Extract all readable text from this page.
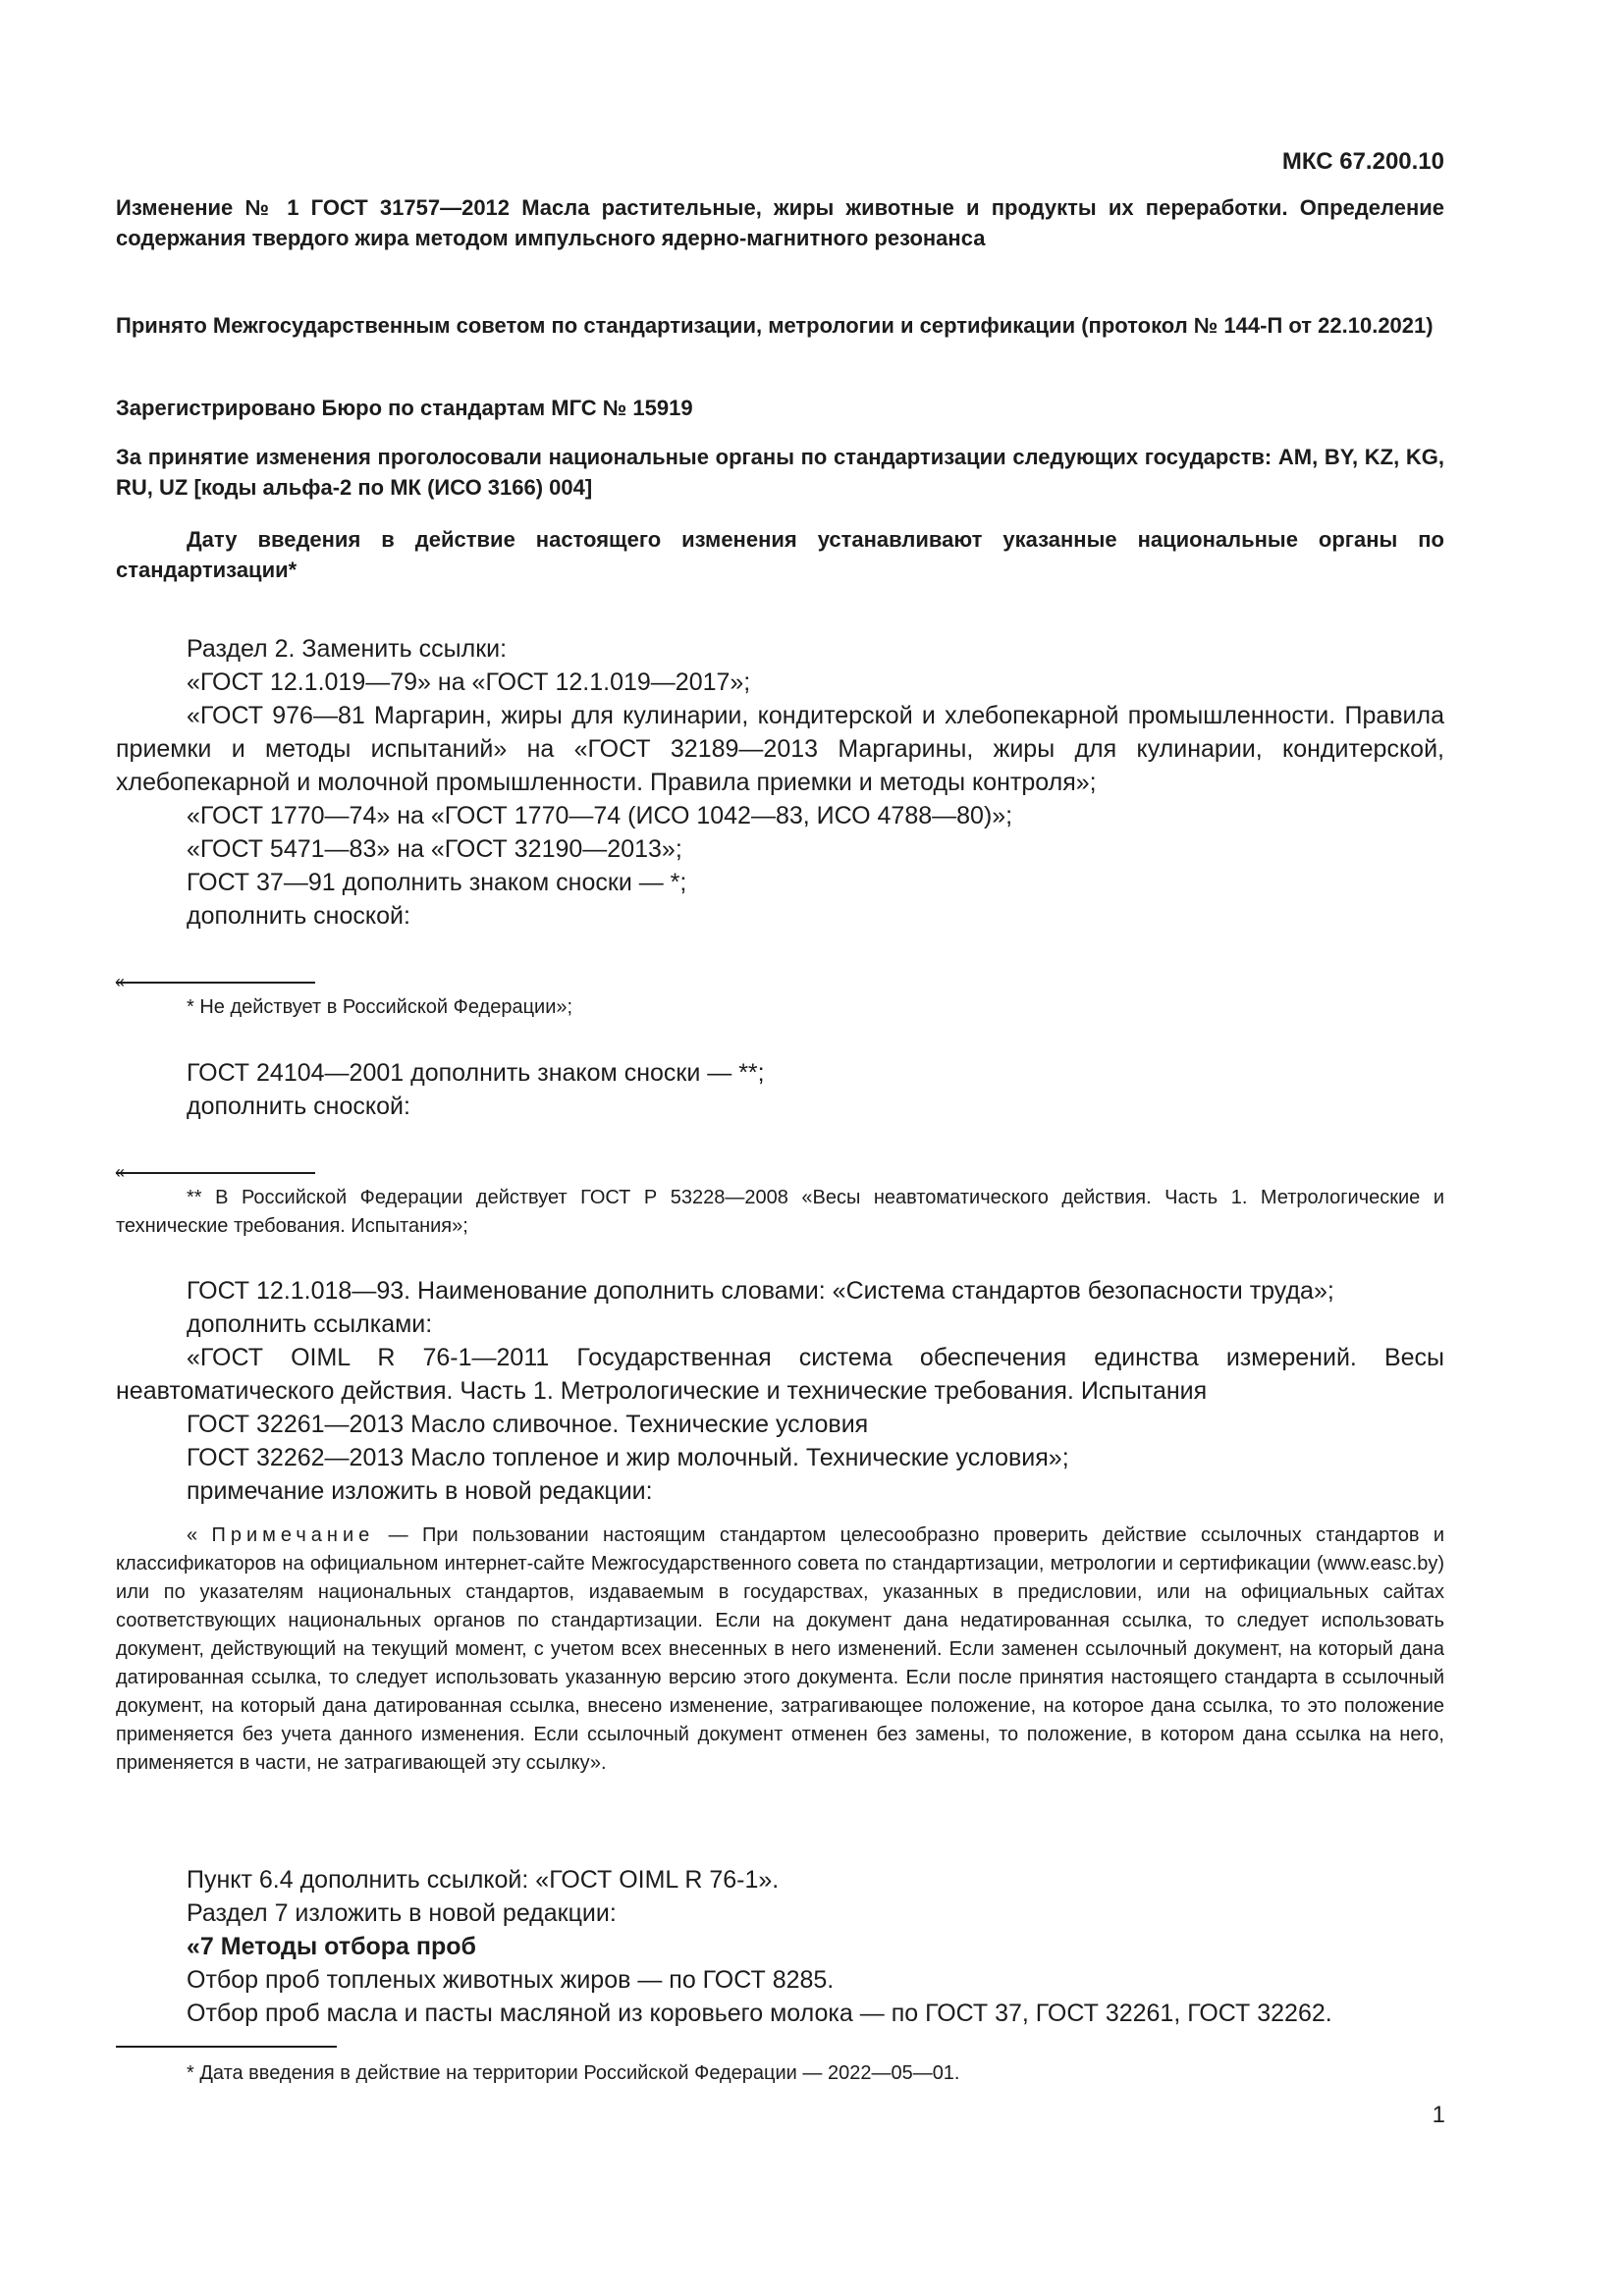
МКС 67.200.10

Изменение № 1 ГОСТ 31757—2012 Масла растительные, жиры животные и продукты их переработки. Определение содержания твердого жира методом импульсного ядерно-магнитного резонанса

Принято Межгосударственным советом по стандартизации, метрологии и сертификации (протокол № 144-П от 22.10.2021)

Зарегистрировано Бюро по стандартам МГС № 15919

За принятие изменения проголосовали национальные органы по стандартизации следующих государств: AM, BY, KZ, KG, RU, UZ [коды альфа-2 по МК (ИСО 3166) 004]

Дату введения в действие настоящего изменения устанавливают указанные национальные органы по стандартизации*

Раздел 2. Заменить ссылки:

«ГОСТ 12.1.019—79» на «ГОСТ 12.1.019—2017»;

«ГОСТ 976—81 Маргарин, жиры для кулинарии, кондитерской и хлебопекарной промышленности. Правила приемки и методы испытаний» на «ГОСТ 32189—2013 Маргарины, жиры для кулинарии, кондитерской, хлебопекарной и молочной промышленности. Правила приемки и методы контроля»;

«ГОСТ 1770—74» на «ГОСТ 1770—74 (ИСО 1042—83, ИСО 4788—80)»;

«ГОСТ 5471—83» на «ГОСТ 32190—2013»;

ГОСТ 37—91 дополнить знаком сноски — *;

дополнить сноской:

«

* Не действует в Российской Федерации»;

ГОСТ 24104—2001 дополнить знаком сноски — **;

дополнить сноской:

«

** В Российской Федерации действует ГОСТ Р 53228—2008 «Весы неавтоматического действия. Часть 1. Метрологические и технические требования. Испытания»;

ГОСТ 12.1.018—93. Наименование дополнить словами: «Система стандартов безопасности труда»;

дополнить ссылками:

«ГОСТ OIML R 76-1—2011 Государственная система обеспечения единства измерений. Весы неавтоматического действия. Часть 1. Метрологические и технические требования. Испытания

ГОСТ 32261—2013 Масло сливочное. Технические условия

ГОСТ 32262—2013 Масло топленое и жир молочный. Технические условия»;

примечание изложить в новой редакции:

« Примечание — При пользовании настоящим стандартом целесообразно проверить действие ссылочных стандартов и классификаторов на официальном интернет-сайте Межгосударственного совета по стандартизации, метрологии и сертификации (www.easc.by) или по указателям национальных стандартов, издаваемым в государствах, указанных в предисловии, или на официальных сайтах соответствующих национальных органов по стандартизации. Если на документ дана недатированная ссылка, то следует использовать документ, действующий на текущий момент, с учетом всех внесенных в него изменений. Если заменен ссылочный документ, на который дана датированная ссылка, то следует использовать указанную версию этого документа. Если после принятия настоящего стандарта в ссылочный документ, на который дана датированная ссылка, внесено изменение, затрагивающее положение, на которое дана ссылка, то это положение применяется без учета данного изменения. Если ссылочный документ отменен без замены, то положение, в котором дана ссылка на него, применяется в части, не затрагивающей эту ссылку».

Пункт 6.4 дополнить ссылкой: «ГОСТ OIML R 76-1».

Раздел 7 изложить в новой редакции:

«7 Методы отбора проб

Отбор проб топленых животных жиров — по ГОСТ 8285.

Отбор проб масла и пасты масляной из коровьего молока — по ГОСТ 37, ГОСТ 32261, ГОСТ 32262.

* Дата введения в действие на территории Российской Федерации — 2022—05—01.

1
